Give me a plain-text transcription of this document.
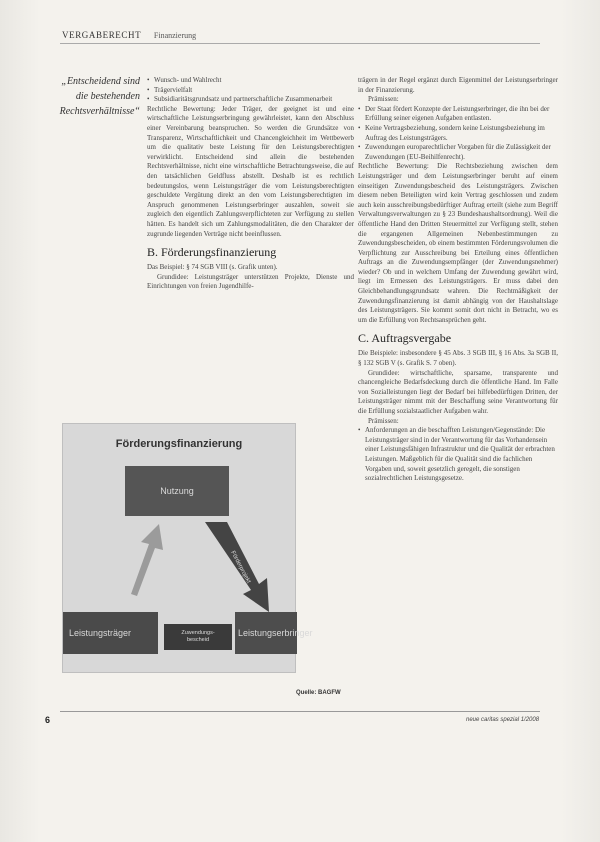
VERGABERECHT Finanzierung
„Entscheidend sind
die bestehenden
Rechtsverhältnisse“
• Wunsch- und Wahlrecht
• Trägervielfalt
• Subsidiaritätsgrundsatz und partnerschaftliche Zusammenarbeit

Rechtliche Bewertung: Jeder Träger, der geeignet ist und eine wirtschaftliche Leistungserbringung gewährleistet, kann den Abschluss einer Vereinbarung beanspruchen. So werden die Grundsätze von Transparenz, Wirtschaftlichkeit und Chancengleichheit im Wettbewerb um die qualitativ beste Leistung für den Leistungsberechtigten verwirklicht. Entscheidend sind allein die bestehenden Rechtsverhältnisse, nicht eine wirtschaftliche Betrachtungsweise, die auf den tatsächlichen Geldfluss abstellt. Deshalb ist es rechtlich bedeutungslos, wenn Leistungsträger die vom Leistungsberechtigten geschuldete Vergütung direkt an den vom Leistungsberechtigten im Anspruch genommenen Leistungserbringer auszahlen, soweit sie zugleich den eigentlich Zahlungsverpflichteten zur Verfügung zu stellen hätten. Es handelt sich um Zahlungsmodalitäten, die den Charakter der zugrunde liegenden Verträge nicht beeinflussen.

B. Förderungsfinanzierung

Das Beispiel: § 74 SGB VIII (s. Grafik unten).

Grundidee: Leistungsträger unterstützen Projekte, Dienste und Einrichtungen von freien Jugendhilfe-

trägern in der Regel ergänzt durch Eigenmittel der Leistungserbringer in der Finanzierung.

Prämissen:

• Der Staat fördert Konzepte der Leistungserbringer, die ihn bei der Erfüllung seiner eigenen Aufgaben entlasten.
• Keine Vertragsbeziehung, sondern keine Leistungsbeziehung im Auftrag des Leistungsträgers.
• Zuwendungen europarechtlicher Vorgaben für die Zulässigkeit der Zuwendungen (EU-Beihilfenrecht).

Rechtliche Bewertung: Die Rechtsbeziehung zwischen dem Leistungsträger und dem Leistungserbringer beruht auf einem einseitigen Zuwendungsbescheid des Leistungsträgers. Zwischen diesem neben Beteiligten wird kein Vertrag geschlossen und zudem auch kein ausschreibungsbedürftiger Auftrag erteilt (siehe zum Begriff Verwaltungsverwaltungen zu § 23 Bundeshaushaltsordnung). Weil die öffentliche Hand den Dritten Steuermittel zur Verfügung stellt, stehen die ergangenen Allgemeinen Nebenbestimmungen zu Zuwendungsbescheiden, ob einem bestimmten Förderungsvolumen die Verpflichtung zur Ausschreibung bei Erteilung eines öffentlichen Auftrags an die Zuwendungsempfänger (der Zuwendungsnehmer) wieder? Ob und in welchem Umfang der Zuwendung gewährt wird, liegt im Ermessen des Leistungsträgers. Er muss dabei den Gleichbehandlungsgrundsatz wahren. Die Rechtmäßigkeit der Zuwendungsfinanzierung ist damit abhängig von der Haushaltslage des Leistungsträgers. Sie kommt somit dort nicht in Betracht, wo es um die Erfüllung von Rechtsansprüchen geht.

C. Auftragsvergabe

Die Beispiele: insbesondere § 45 Abs. 3 SGB III, § 16 Abs. 3a SGB II, § 132 SGB V (s. Grafik S. 7 oben).

Grundidee: wirtschaftliche, sparsame, transparente und chancengleiche Bedarfsdeckung durch die öffentliche Hand. Im Falle von Sozialleistungen liegt der Bedarf bei hilfebedürftigen Dritten, der Leistungsträger nimmt mit der Beschaffung seine Verantwortung für die Erfüllung sozialstaatlicher Aufgaben wahr.

Prämissen:

• Anforderungen an die beschafften Leistungen/Gegenstände: Die Leistungsträger sind in der Verantwortung für das Vorhandensein einer Leistungsfähigen Infrastruktur und die Qualität der erbrachten Leistungen. Maßgeblich für die Qualität sind die fachlichen Vorgaben und, soweit gesetzlich geregelt, die sonstigen sozialrechtlichen Leistungsgesetze.
Förderungsfinanzierung
Förderprojekt
Nutzung
Leistungsträger	Zuwendungs-
bescheid
Leistungserbringer
Quelle: BAGFW
6	neue caritas spezial 1/2008
